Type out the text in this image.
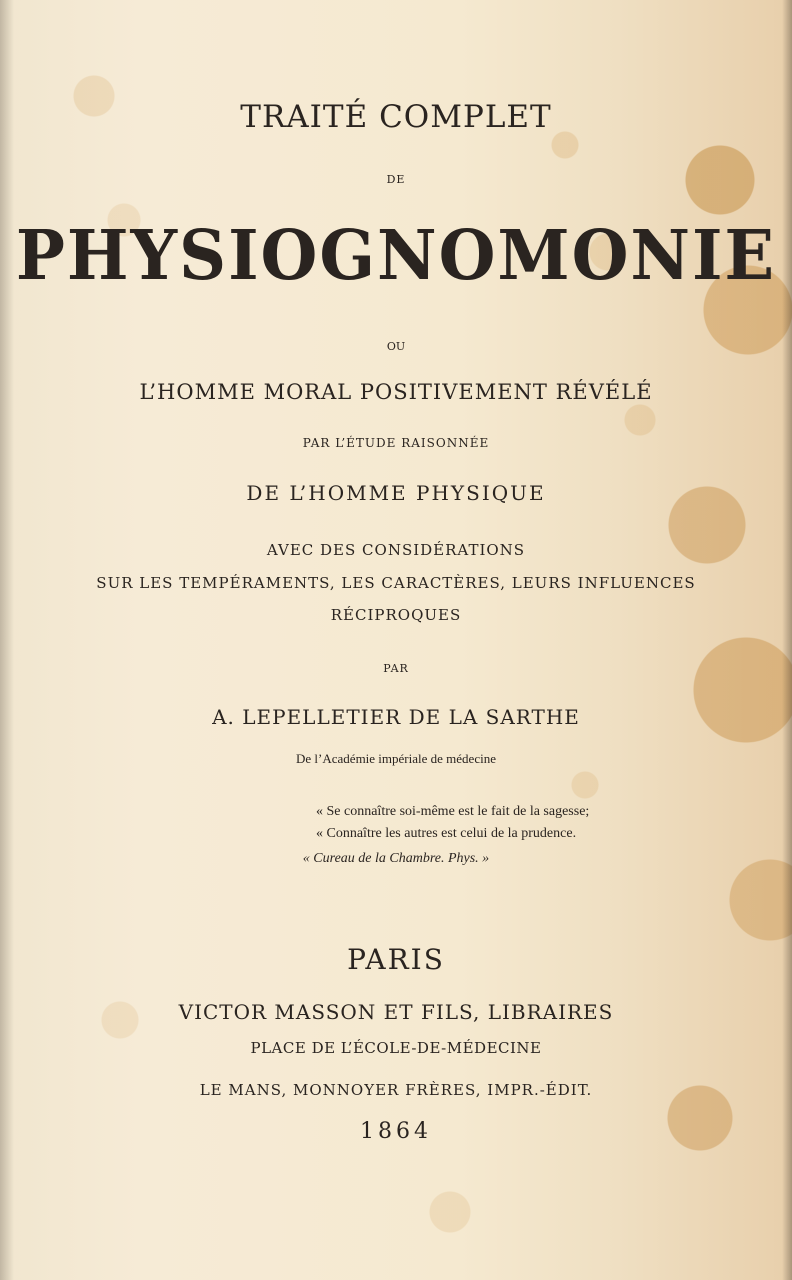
TRAITÉ COMPLET
DE
PHYSIOGNOMONIE
OU
L’HOMME MORAL POSITIVEMENT RÉVÉLÉ
PAR L’ÉTUDE RAISONNÉE
DE L’HOMME PHYSIQUE
AVEC DES CONSIDÉRATIONS
SUR LES TEMPÉRAMENTS, LES CARACTÈRES, LEURS INFLUENCES
RÉCIPROQUES
PAR
A. LEPELLETIER DE LA SARTHE
De l’Académie impériale de médecine
« Se connaître soi-même est le fait de la sagesse;
« Connaître les autres est celui de la prudence.
« Cureau de la Chambre. Phys. »
PARIS
VICTOR MASSON ET FILS, LIBRAIRES
PLACE DE L’ÉCOLE-DE-MÉDECINE
LE MANS, MONNOYER FRÈRES, IMPR.-ÉDIT.
1864
